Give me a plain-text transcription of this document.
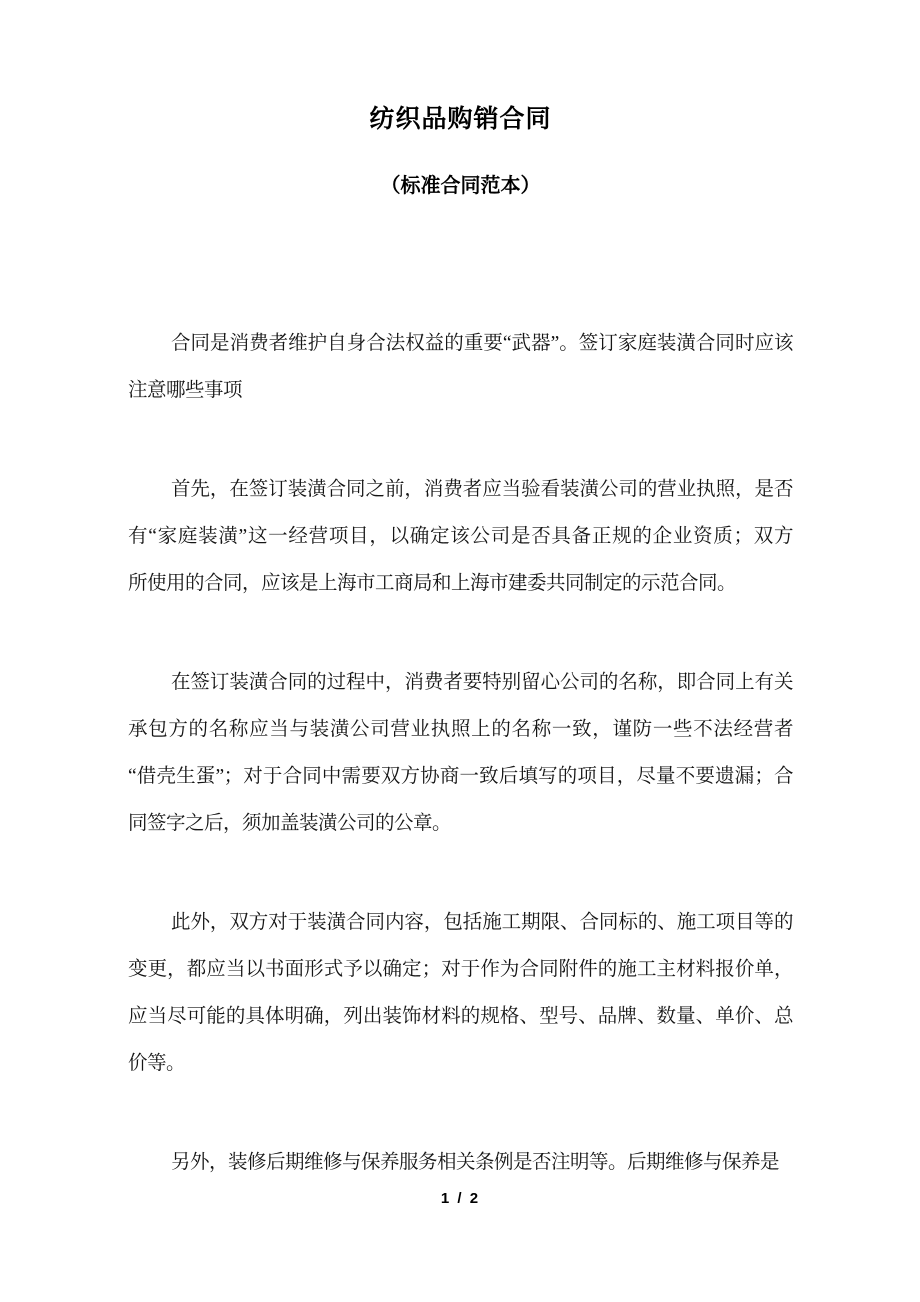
纺织品购销合同
（标准合同范本）
合同是消费者维护自身合法权益的重要“武器”。签订家庭装潢合同时应该
注意哪些事项
首先，在签订装潢合同之前，消费者应当验看装潢公司的营业执照，是否
有“家庭装潢”这一经营项目，以确定该公司是否具备正规的企业资质；双方
所使用的合同，应该是上海市工商局和上海市建委共同制定的示范合同。
在签订装潢合同的过程中，消费者要特别留心公司的名称，即合同上有关
承包方的名称应当与装潢公司营业执照上的名称一致，谨防一些不法经营者
“借壳生蛋”；对于合同中需要双方协商一致后填写的项目，尽量不要遗漏；合
同签字之后，须加盖装潢公司的公章。
此外，双方对于装潢合同内容，包括施工期限、合同标的、施工项目等的
变更，都应当以书面形式予以确定；对于作为合同附件的施工主材料报价单，
应当尽可能的具体明确，列出装饰材料的规格、型号、品牌、数量、单价、总
价等。
另外，装修后期维修与保养服务相关条例是否注明等。后期维修与保养是
1 / 2
